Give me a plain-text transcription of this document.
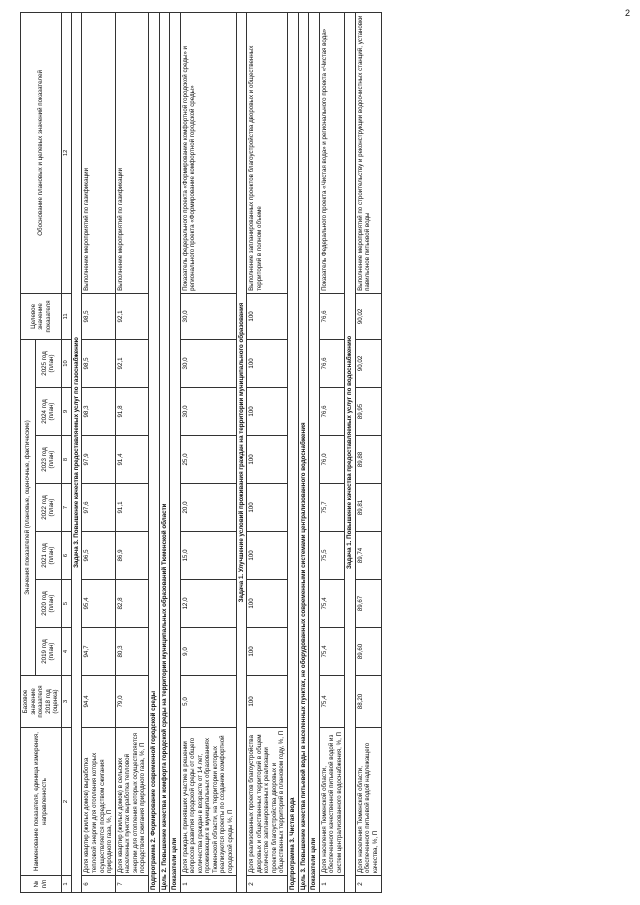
2
№ п/п	Наименование показателя, единица измерения, направленность	Базовое значение показателя 2018 год (оценка)	Значения показателей (плановые, оценочные, фактические)							Целевое значение показателя	Обоснование плановых и целевых значений показателей
			2019 год (план)	2020 год (план)	2021 год (план)	2022 год (план)	2023 год (план)	2024 год (план)	2025 год (план)		
1	2	3	4	5	6	7	8	9	10	11	12
Задача 3. Повышение качества предоставляемых услуг по газоснабжению											
6	Доля квартир (жилых домов) выработка тепловой энергии для отопления которых осуществляется посредством сжигания природного газа, %, П	94,4	94,7	95,4	96,5	97,6	97,9	98,3	98,5	98,5	Выполнение мероприятий по газификации
7	Доля квартир (жилых домов) в сельских населенных пунктах выработка тепловой энергии для отопления которых осуществляется посредством сжигания природного газа, %, П	79,0	80,3	82,8	86,9	91,1	91,4	91,8	92,1	92,1	Выполнение мероприятий по газификации
Подпрограмма 2. Формирование современной городской среды											
Цель 2. Повышение качества и комфорта городской среды на территории муниципальных образований Тюменской области											
Показатели цели											
1	Доля граждан, принявших участие в решении вопросов развития городской среды от общего количества граждан в возрасте от 14 лет, проживающих в муниципальных образованиях Тюменской области, на территории которых реализуются проекты по созданию комфортной городской среды %, П	5,0	9,0	12,0	15,0	20,0	25,0	30,0	30,0	30,0	Показатель федерального проекта «Формирование комфортной городской среды» и регионального проекта «Формирование комфортной городской среды»
Задача 1. Улучшение условий проживания граждан на территории муниципального образования											
2	Доля реализованных проектов благоустройства дворовых и общественных территорий в общем количестве запланированных к реализации проектов благоустройства дворовых и общественных территорий в плановом году, %, П	100	100	100	100	100	100	100	100	100	Выполнение запланированных проектов благоустройства дворовых и общественных территорий в полном объеме
Подпрограмма 3. Чистая вода											
Цель 3. Повышение качества питьевой воды в населенных пунктах, не оборудованных современными системами централизованного водоснабжения											
Показатели цели											
1	Доля населения Тюменской области, обеспеченного качественной питьевой водой из систем централизованного водоснабжения, %, П	75,4	75,4	75,4	75,5	75,7	76,0	76,6	76,6	76,6	Показатель Федерального проекта «Чистая вода» и регионального проекта «Чистая вода»
Задача 1. Повышение качества предоставляемых услуг по водоснабжению											
2	Доля населения Тюменской области, обеспеченного питьевой водой надлежащего качества, %, П	88,20	89,60	89,67	89,74	89,81	89,88	89,95	90,02	90,02	Выполнение мероприятий по строительству и реконструкции водоочистных станций, установки павильонов питьевой воды
